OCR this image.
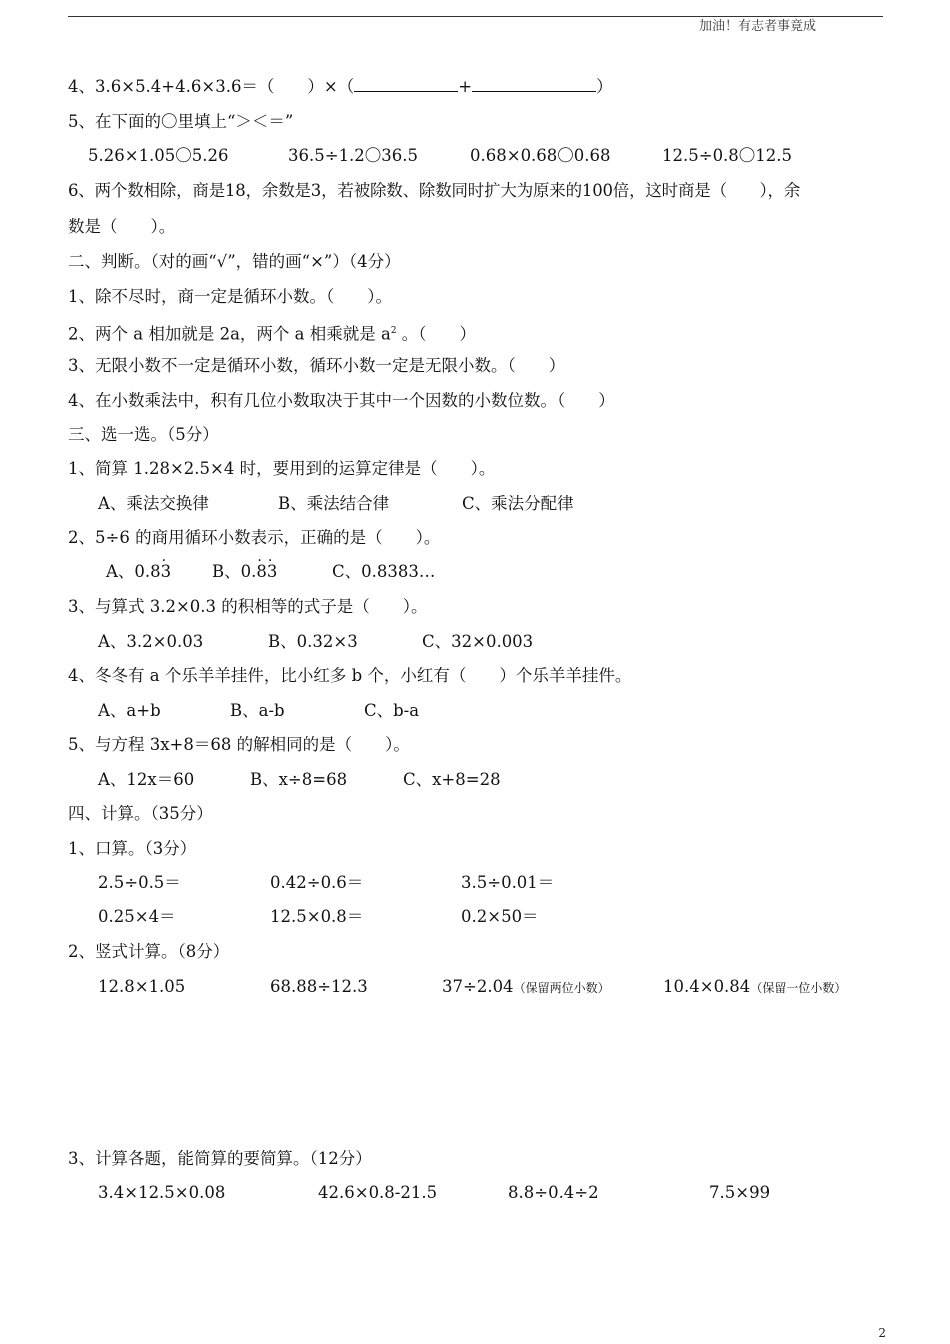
加油！有志者事竟成
4、3.6×5.4+4.6×3.6＝（　　）×（	+	）
5、在下面的〇里填上“＞＜＝”
5.26×1.05〇5.26	36.5÷1.2〇36.5	0.68×0.68〇0.68	12.5÷0.8〇12.5
6、两个数相除，商是18，余数是3，若被除数、除数同时扩大为原来的100倍，这时商是（　　），余
数是（　　）。
二、判断。（对的画“√”，错的画“×”）（4分）
1、除不尽时，商一定是循环小数。（　　）。
2、两个 a 相加就是 2a，两个 a 相乘就是 $a^2$ 。（　　）
3、无限小数不一定是循环小数，循环小数一定是无限小数。（　　）
4、在小数乘法中，积有几位小数取决于其中一个因数的小数位数。（　　）
三、选一选。（5分）
1、简算 1.28×2.5×4 时，要用到的运算定律是（　　）。
A、乘法交换律	B、乘法结合律	C、乘法分配律
2、5÷6 的商用循环小数表示，正确的是（　　）。
A、0.83 · B、0.8 ·3 ·	C、0.8383…
3、与算式 3.2×0.3 的积相等的式子是（　　）。
A、3.2×0.03	B、0.32×3	C、32×0.003
4、冬冬有 a 个乐羊羊挂件，比小红多 b 个，小红有（　　）个乐羊羊挂件。
A、a+b	B、a-b	C、b-a
5、与方程 3x+8＝68 的解相同的是（　　）。
A、12x＝60	B、x÷8=68	C、x+8=28
四、计算。（35分）
1、口算。（3分）
2.5÷0.5＝	0.42÷0.6＝	3.5÷0.01＝
0.25×4＝	12.5×0.8＝	0.2×50＝
2、竖式计算。（8分）
12.8×1.05	68.88÷12.3	37÷2.04（保留两位小数）	10.4×0.84（保留一位小数）
3、计算各题，能简算的要简算。（12分）
3.4×12.5×0.08	42.6×0.8-21.5	8.8÷0.4÷2	7.5×99
2
